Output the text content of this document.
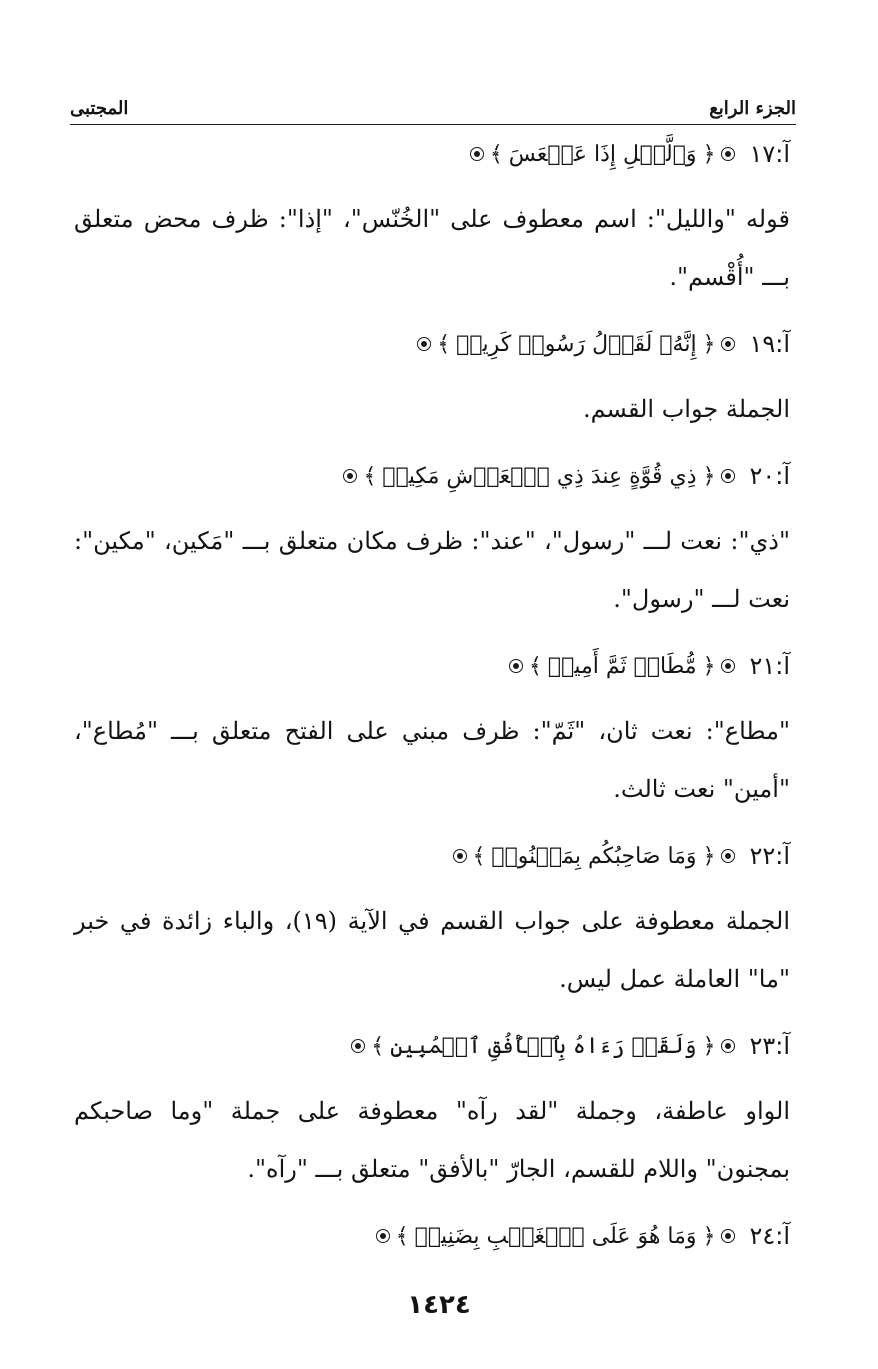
الجزء الرابع
المجتبى
آ:١٧
﴿
وَٱلَّيۡلِ إِذَا عَسۡعَسَ
﴾

قوله "والليل": اسم معطوف على "الخُنّس"، "إذا": ظرف محض متعلق بـــ "أُقْسم".

آ:١٩
﴿
إِنَّهُۥ لَقَوۡلُ رَسُولٖ كَرِيمٖ
﴾

الجملة جواب القسم.

آ:٢٠
﴿
ذِي قُوَّةٍ عِندَ ذِي ٱلۡعَرۡشِ مَكِينٖ
﴾

"ذي": نعت لـــ "رسول"، "عند": ظرف مكان متعلق بـــ "مَكين، "مكين": نعت لـــ "رسول".

آ:٢١
﴿
مُّطَاعٖ ثَمَّ أَمِينٖ
﴾

"مطاع": نعت ثان، "ثَمّ": ظرف مبني على الفتح متعلق بـــ "مُطاع"، "أمين" نعت ثالث.

آ:٢٢
﴿
وَمَا صَاحِبُكُم بِمَجۡنُونٖ
﴾

الجملة معطوفة على جواب القسم في الآية (١٩)، والباء زائدة في خبر "ما" العاملة عمل ليس.

آ:٢٣
﴿
وَلَقَدۡ رَءَاهُ بِٱلۡأُفُقِ ٱلۡمُبِينِ
﴾

الواو عاطفة، وجملة "لقد رآه" معطوفة على جملة "وما صاحبكم بمجنون" واللام للقسم، الجارّ "بالأفق" متعلق بـــ "رآه".

آ:٢٤
﴿
وَمَا هُوَ عَلَى ٱلۡغَيۡبِ بِضَنِينٖ
﴾
١٤٢٤
